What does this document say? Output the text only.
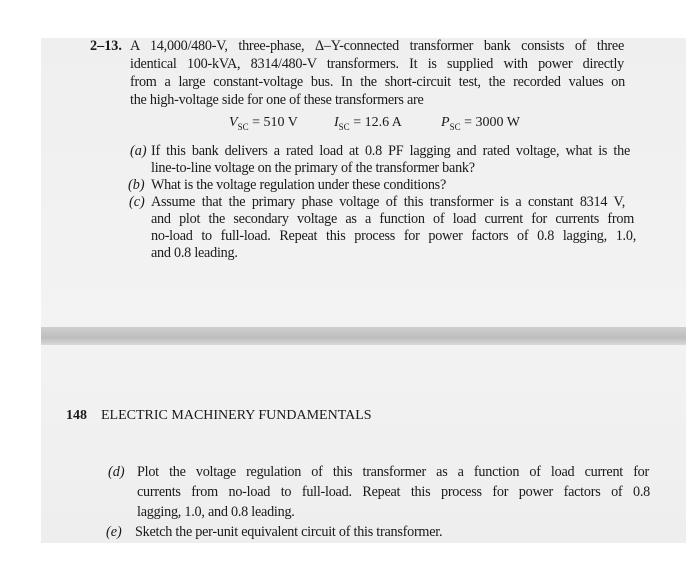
2–13. A 14,000/480-V, three-phase, Δ–Y-connected transformer bank consists of three
identical 100-kVA, 8314/480-V transformers. It is supplied with power directly
from a large constant-voltage bus. In the short-circuit test, the recorded values on
the high-voltage side for one of these transformers are
$V_{SC} = 510$ V	$I_{SC} = 12.6$ A	$P_{SC} = 3000$ W
(a) If this bank delivers a rated load at 0.8 PF lagging and rated voltage, what is the
line-to-line voltage on the primary of the transformer bank?
(b) What is the voltage regulation under these conditions?
(c) Assume that the primary phase voltage of this transformer is a constant 8314 V,
and plot the secondary voltage as a function of load current for currents from
no-load to full-load. Repeat this process for power factors of 0.8 lagging, 1.0,
and 0.8 leading.
148 ELECTRIC MACHINERY FUNDAMENTALS
(d) Plot the voltage regulation of this transformer as a function of load current for
currents from no-load to full-load. Repeat this process for power factors of 0.8
lagging, 1.0, and 0.8 leading.
(e) Sketch the per-unit equivalent circuit of this transformer.
